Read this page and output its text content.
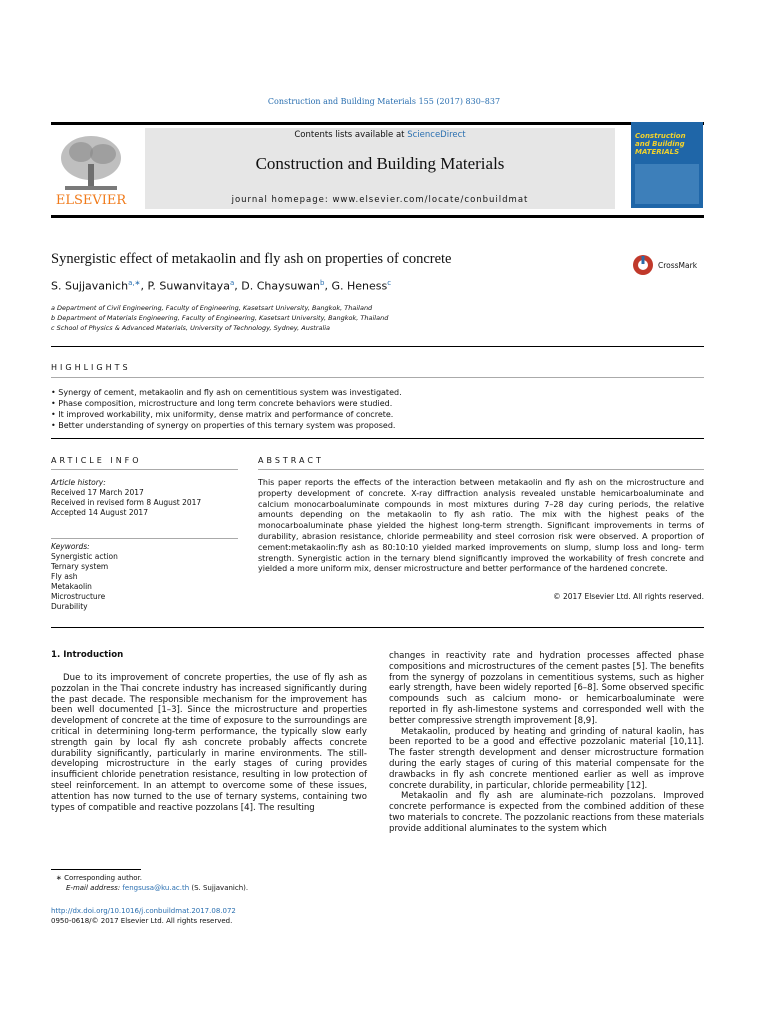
Construction and Building Materials 155 (2017) 830–837
ELSEVIER
Contents lists available at ScienceDirect
Construction and Building Materials
journal homepage: www.elsevier.com/locate/conbuildmat
Construction and Building MATERIALS
Synergistic effect of metakaolin and fly ash on properties of concrete	CrossMark
S. Sujjavanich$^{a,∗}$, P. Suwanvitaya$^a$, D. Chaysuwan$^b$, G. Heness$^c$
a Department of Civil Engineering, Faculty of Engineering, Kasetsart University, Bangkok, Thailand
b Department of Materials Engineering, Faculty of Engineering, Kasetsart University, Bangkok, Thailand
c School of Physics & Advanced Materials, University of Technology, Sydney, Australia
HIGHLIGHTS
• Synergy of cement, metakaolin and fly ash on cementitious system was investigated.
• Phase composition, microstructure and long term concrete behaviors were studied.
• It improved workability, mix uniformity, dense matrix and performance of concrete.
• Better understanding of synergy on properties of this ternary system was proposed.
ARTICLE INFO
Article history:
Received 17 March 2017
Received in revised form 8 August 2017
Accepted 14 August 2017
Keywords:
Synergistic action
Ternary system
Fly ash
Metakaolin
Microstructure
Durability
ABSTRACT
This paper reports the effects of the interaction between metakaolin and fly ash on the microstructure and property development of concrete. X-ray diffraction analysis revealed unstable hemicarboaluminate and calcium monocarboaluminate compounds in most mixtures during 7–28 day curing periods, the relative amounts depending on the metakaolin to fly ash ratio. The mix with the highest peaks of the monocarboaluminate phase yielded the highest long-term strength. Significant improvements in terms of durability, abrasion resistance, chloride permeability and steel corrosion risk were observed. A proportion of cement:metakaolin:fly ash as 80:10:10 yielded marked improvements on slump, slump loss and long- term strength. Synergistic action in the ternary blend significantly improved the workability of fresh concrete and yielded a more uniform mix, denser microstructure and better performance of the hardened concrete.
© 2017 Elsevier Ltd. All rights reserved.
1. Introduction

Due to its improvement of concrete properties, the use of fly ash as pozzolan in the Thai concrete industry has increased significantly during the past decade. The responsible mechanism for the improvement has been well documented [1–3]. Since the microstructure and properties development of concrete at the time of exposure to the surroundings are critical in determining long-term performance, the typically slow early strength gain by local fly ash concrete probably affects concrete durability significantly, particularly in marine environments. The still-developing microstructure in the early stages of curing provides insufficient chloride penetration resistance, resulting in low protection of steel reinforcement. In an attempt to overcome some of these issues, attention has now turned to the use of ternary systems, containing two types of compatible and reactive pozzolans [4]. The resulting

changes in reactivity rate and hydration processes affected phase compositions and microstructures of the cement pastes [5]. The benefits from the synergy of pozzolans in cementitious systems, such as higher early strength, have been widely reported [6–8]. Some observed specific compounds such as calcium mono- or hemicarboaluminate were reported in fly ash-limestone systems and corresponded well with the better compressive strength improvement [8,9].

Metakaolin, produced by heating and grinding of natural kaolin, has been reported to be a good and effective pozzolanic material [10,11]. The faster strength development and denser microstructure formation during the early stages of curing of this material compensate for the drawbacks in fly ash concrete mentioned earlier as well as improve concrete durability, in particular, chloride permeability [12].

Metakaolin and fly ash are aluminate-rich pozzolans. Improved concrete performance is expected from the combined addition of these two materials to concrete. The pozzolanic reactions from these materials provide additional aluminates to the system which

∗ Corresponding author.
E-mail address: fengsusa@ku.ac.th (S. Sujjavanich).
http://dx.doi.org/10.1016/j.conbuildmat.2017.08.072
0950-0618/© 2017 Elsevier Ltd. All rights reserved.
